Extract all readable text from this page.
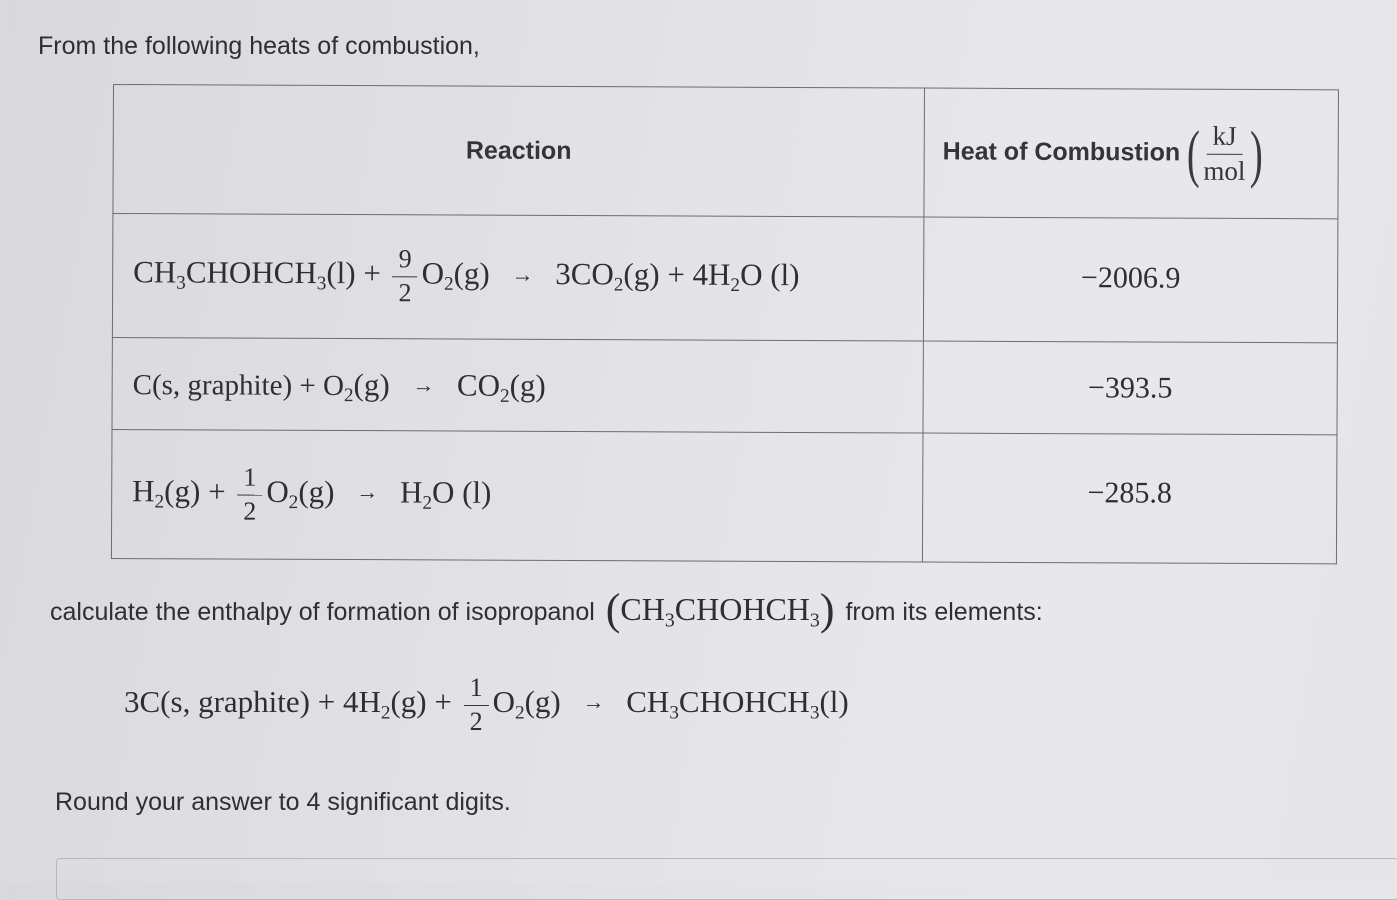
From the following heats of combustion,
Reaction	Heat of Combustion ( $\frac{kJ}{\text{mol}}$ )

$CH_3CHOHCH_3(l) + \frac{9}{2} O_2(g) \to 3CO_2(g) + 4H_2O$ (l)	−2006.9
C(s, graphite) + $O_2(g) \to CO_2(g)$	−393.5
$H_2(g) + \frac{1}{2} O_2(g) \to H_2O$ (l)	−285.8
calculate the enthalpy of formation of isopropanol $(CH_3CHOHCH_3)$ from its elements:
3C(s, graphite) + $4H_2(g) + \frac{1}{2} O_2(g)$ → $CH_3CHOHCH_3(l)$
Round your answer to 4 significant digits.
